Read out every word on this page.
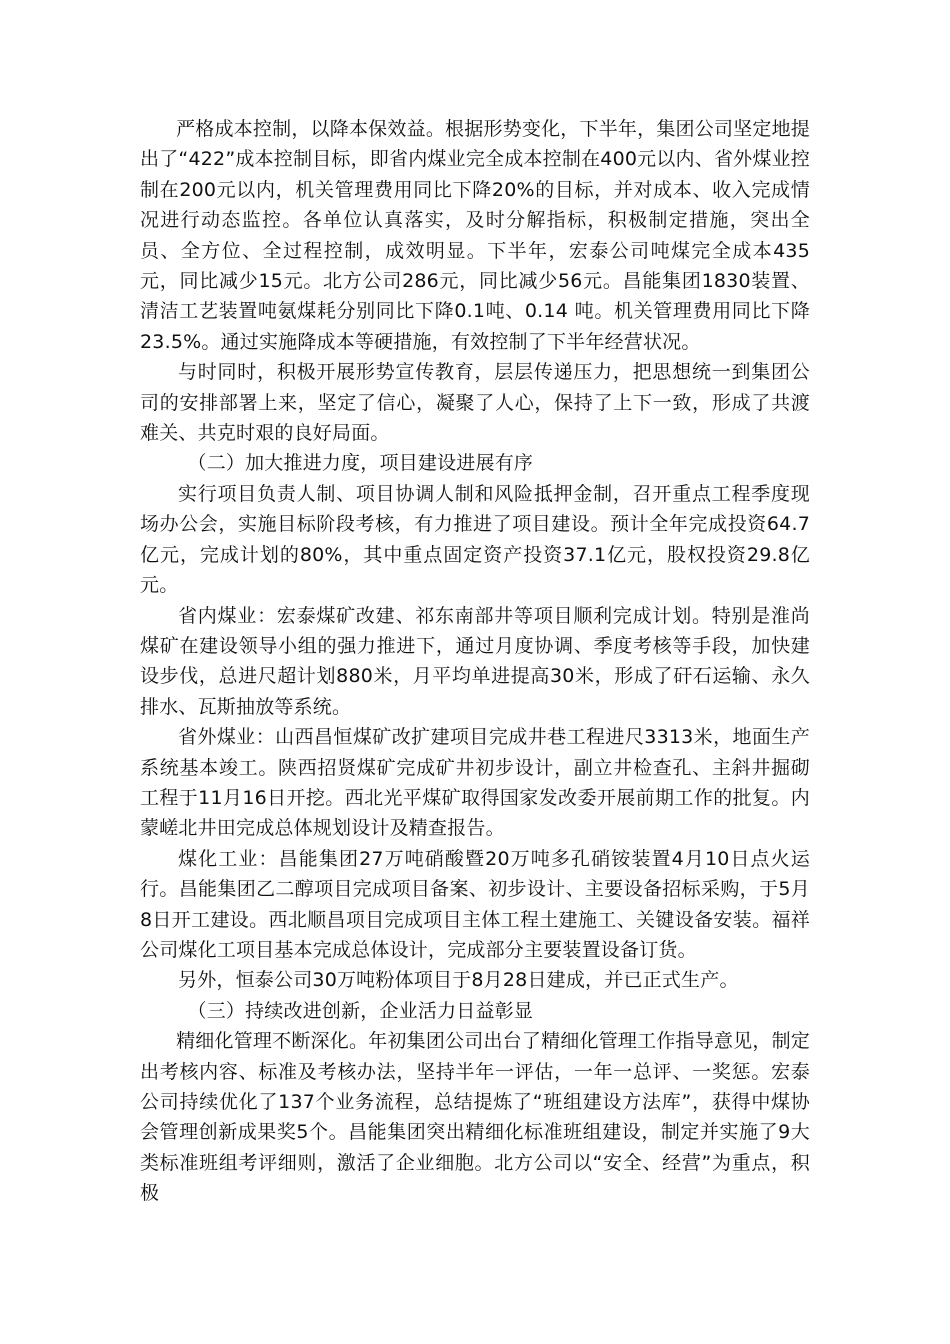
严格成本控制，以降本保效益。根据形势变化，下半年，集团公司坚定地提出了“422”成本控制目标，即省内煤业完全成本控制在400元以内、省外煤业控制在200元以内，机关管理费用同比下降20%的目标，并对成本、收入完成情况进行动态监控。各单位认真落实，及时分解指标，积极制定措施，突出全员、全方位、全过程控制，成效明显。下半年，宏泰公司吨煤完全成本435元，同比减少15元。北方公司286元，同比减少56元。昌能集团1830装置、清洁工艺装置吨氨煤耗分别同比下降0.1吨、0.14 吨。机关管理费用同比下降23.5%。通过实施降成本等硬措施，有效控制了下半年经营状况。

与时同时，积极开展形势宣传教育，层层传递压力，把思想统一到集团公司的安排部署上来，坚定了信心，凝聚了人心，保持了上下一致，形成了共渡难关、共克时艰的良好局面。

（二）加大推进力度，项目建设进展有序

实行项目负责人制、项目协调人制和风险抵押金制，召开重点工程季度现场办公会，实施目标阶段考核，有力推进了项目建设。预计全年完成投资64.7亿元，完成计划的80%，其中重点固定资产投资37.1亿元，股权投资29.8亿元。

省内煤业：宏泰煤矿改建、祁东南部井等项目顺利完成计划。特别是淮尚煤矿在建设领导小组的强力推进下，通过月度协调、季度考核等手段，加快建设步伐，总进尺超计划880米，月平均单进提高30米，形成了矸石运输、永久排水、瓦斯抽放等系统。

省外煤业：山西昌恒煤矿改扩建项目完成井巷工程进尺3313米，地面生产系统基本竣工。陕西招贤煤矿完成矿井初步设计，副立井检查孔、主斜井掘砌工程于11月16日开挖。西北光平煤矿取得国家发改委开展前期工作的批复。内蒙嵯北井田完成总体规划设计及精查报告。

煤化工业：昌能集团27万吨硝酸暨20万吨多孔硝铵装置4月10日点火运行。昌能集团乙二醇项目完成项目备案、初步设计、主要设备招标采购，于5月8日开工建设。西北顺昌项目完成项目主体工程土建施工、关键设备安装。福祥公司煤化工项目基本完成总体设计，完成部分主要装置设备订货。

另外，恒泰公司30万吨粉体项目于8月28日建成，并已正式生产。

（三）持续改进创新，企业活力日益彰显

精细化管理不断深化。年初集团公司出台了精细化管理工作指导意见，制定出考核内容、标准及考核办法，坚持半年一评估，一年一总评、一奖惩。宏泰公司持续优化了137个业务流程，总结提炼了“班组建设方法库”，获得中煤协会管理创新成果奖5个。昌能集团突出精细化标准班组建设，制定并实施了9大类标准班组考评细则，激活了企业细胞。北方公司以“安全、经营”为重点，积极
